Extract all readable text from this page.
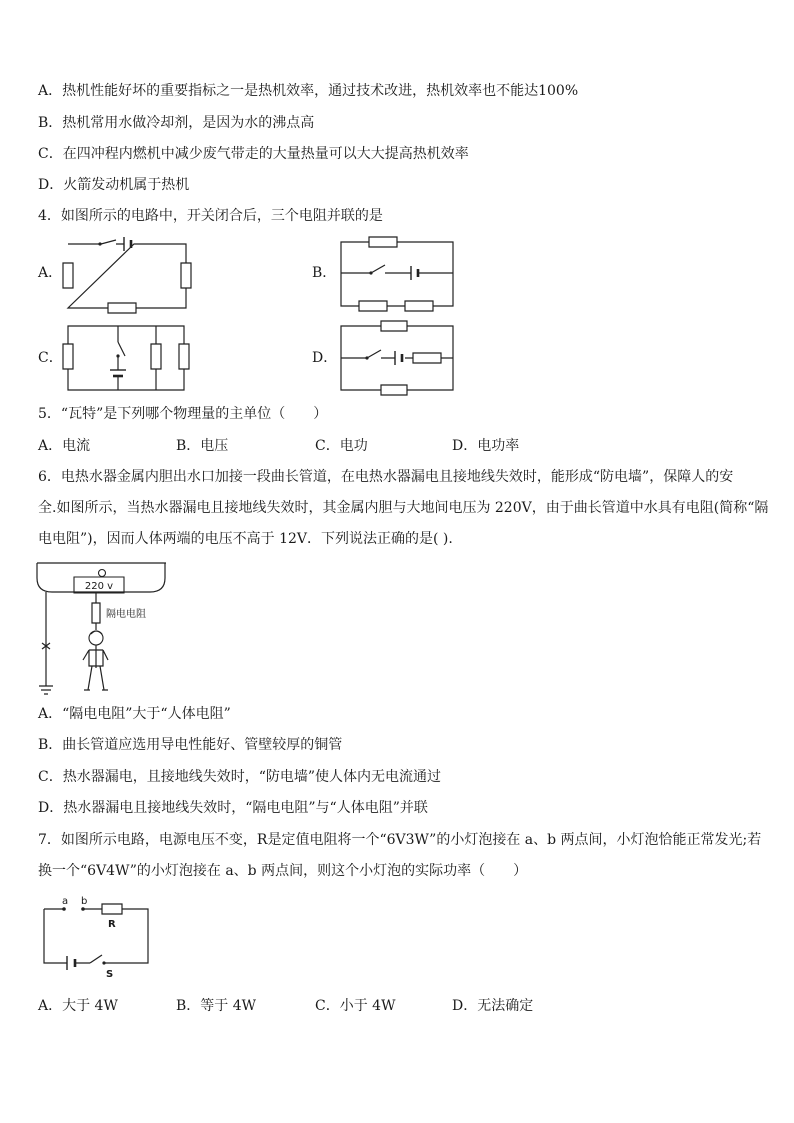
A．热机性能好坏的重要指标之一是热机效率，通过技术改进，热机效率也不能达100%
B．热机常用水做冷却剂，是因为水的沸点高
C．在四冲程内燃机中减少废气带走的大量热量可以大大提高热机效率
D．火箭发动机属于热机
4．如图所示的电路中，开关闭合后，三个电阻并联的是
A．	B．
C．	D．
5．“瓦特”是下列哪个物理量的主单位（　　）
A．电流	B．电压	C．电功	D．电功率
6．电热水器金属内胆出水口加接一段曲长管道，在电热水器漏电且接地线失效时，能形成“防电墙”，保障人的安
全.如图所示，当热水器漏电且接地线失效时，其金属内胆与大地间电压为 220V，由于曲长管道中水具有电阻(简称“隔
电电阻”)，因而人体两端的电压不高于 12V．下列说法正确的是( ).
220 v
隔电电阻
A．“隔电电阻”大于“人体电阻”
B．曲长管道应选用导电性能好、管壁较厚的铜管
C．热水器漏电，且接地线失效时，“防电墙”使人体内无电流通过
D．热水器漏电且接地线失效时，“隔电电阻”与“人体电阻”并联
7．如图所示电路，电源电压不变，R是定值电阻将一个“6V3W”的小灯泡接在 a、b 两点间，小灯泡恰能正常发光;若
换一个“6V4W”的小灯泡接在 a、b 两点间，则这个小灯泡的实际功率（　　）
a b
R
S
A．大于 4W	B．等于 4W	C．小于 4W	D．无法确定
